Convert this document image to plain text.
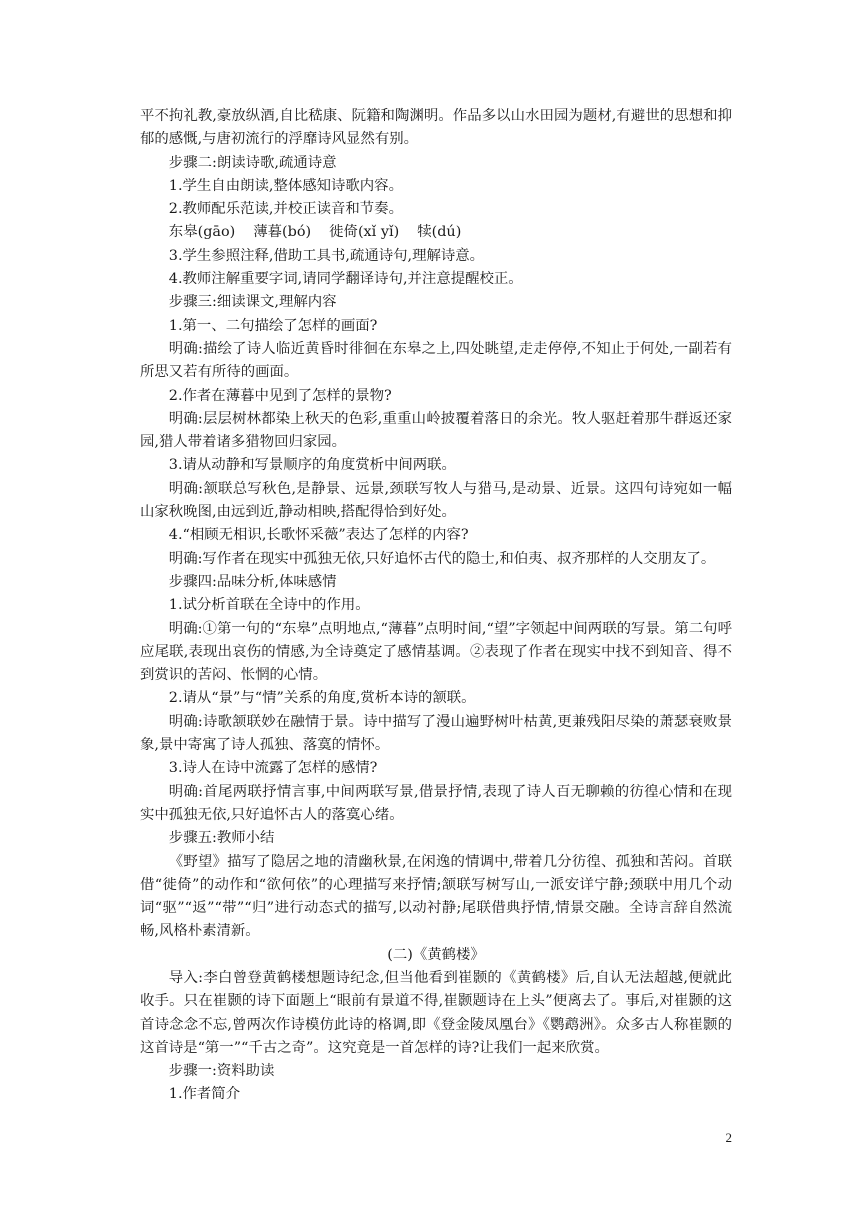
平不拘礼教,豪放纵酒,自比嵇康、阮籍和陶渊明。作品多以山水田园为题材,有避世的思想和抑郁的感慨,与唐初流行的浮靡诗风显然有别。

步骤二:朗读诗歌,疏通诗意

1.学生自由朗读,整体感知诗歌内容。

2.教师配乐范读,并校正读音和节奏。

东皋(gāo) 薄暮(bó) 徙倚(xǐ yǐ) 犊(dú)

3.学生参照注释,借助工具书,疏通诗句,理解诗意。

4.教师注解重要字词,请同学翻译诗句,并注意提醒校正。

步骤三:细读课文,理解内容

1.第一、二句描绘了怎样的画面?

明确:描绘了诗人临近黄昏时徘徊在东皋之上,四处眺望,走走停停,不知止于何处,一副若有所思又若有所待的画面。

2.作者在薄暮中见到了怎样的景物?

明确:层层树林都染上秋天的色彩,重重山岭披覆着落日的余光。牧人驱赶着那牛群返还家园,猎人带着诸多猎物回归家园。

3.请从动静和写景顺序的角度赏析中间两联。

明确:颔联总写秋色,是静景、远景,颈联写牧人与猎马,是动景、近景。这四句诗宛如一幅山家秋晚图,由远到近,静动相映,搭配得恰到好处。

4.“相顾无相识,长歌怀采薇”表达了怎样的内容?

明确:写作者在现实中孤独无依,只好追怀古代的隐士,和伯夷、叔齐那样的人交朋友了。

步骤四:品味分析,体味感情

1.试分析首联在全诗中的作用。

明确:①第一句的“东皋”点明地点,“薄暮”点明时间,“望”字领起中间两联的写景。第二句呼应尾联,表现出哀伤的情感,为全诗奠定了感情基调。②表现了作者在现实中找不到知音、得不到赏识的苦闷、怅惘的心情。

2.请从“景”与“情”关系的角度,赏析本诗的颔联。

明确:诗歌颔联妙在融情于景。诗中描写了漫山遍野树叶枯黄,更兼残阳尽染的萧瑟衰败景象,景中寄寓了诗人孤独、落寞的情怀。

3.诗人在诗中流露了怎样的感情?

明确:首尾两联抒情言事,中间两联写景,借景抒情,表现了诗人百无聊赖的彷徨心情和在现实中孤独无依,只好追怀古人的落寞心绪。

步骤五:教师小结

《野望》描写了隐居之地的清幽秋景,在闲逸的情调中,带着几分彷徨、孤独和苦闷。首联借“徙倚”的动作和“欲何依”的心理描写来抒情;颔联写树写山,一派安详宁静;颈联中用几个动词“驱”“返”“带”“归”进行动态式的描写,以动衬静;尾联借典抒情,情景交融。全诗言辞自然流畅,风格朴素清新。

(二)《黄鹤楼》

导入:李白曾登黄鹤楼想题诗纪念,但当他看到崔颢的《黄鹤楼》后,自认无法超越,便就此收手。只在崔颢的诗下面题上“眼前有景道不得,崔颢题诗在上头”便离去了。事后,对崔颢的这首诗念念不忘,曾两次作诗模仿此诗的格调,即《登金陵凤凰台》《鹦鹉洲》。众多古人称崔颢的这首诗是“第一”“千古之奇”。这究竟是一首怎样的诗?让我们一起来欣赏。

步骤一:资料助读

1.作者简介

2
